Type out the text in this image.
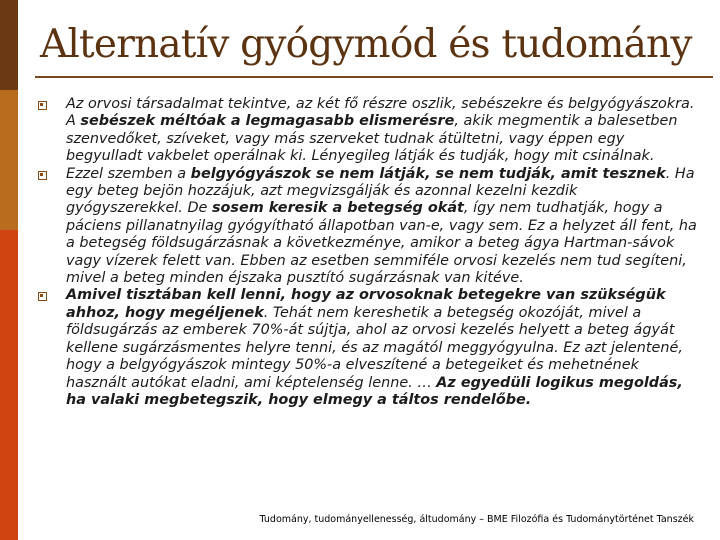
Alternatív gyógymód és tudomány
Az orvosi társadalmat tekintve, az két fő részre oszlik, sebészekre és belgyógyászokra. A sebészek méltóak a legmagasabb elismerésre, akik megmentik a balesetben szenvedőket, szíveket, vagy más szerveket tudnak átültetni, vagy éppen egy begyulladt vakbelet operálnak ki. Lényegileg látják és tudják, hogy mit csinálnak.
Ezzel szemben a belgyógyászok se nem látják, se nem tudják, amit tesznek. Ha egy beteg bejön hozzájuk, azt megvizsgálják és azonnal kezelni kezdik gyógyszerekkel. De sosem keresik a betegség okát, így nem tudhatják, hogy a páciens pillanatnyilag gyógyítható állapotban van-e, vagy sem. Ez a helyzet áll fent, ha a betegség földsugárzásnak a következménye, amikor a beteg ágya Hartman-sávok vagy vízerek felett van. Ebben az esetben semmiféle orvosi kezelés nem tud segíteni, mivel a beteg minden éjszaka pusztító sugárzásnak van kitéve.
Amivel tisztában kell lenni, hogy az orvosoknak betegekre van szükségük ahhoz, hogy megéljenek. Tehát nem kereshetik a betegség okozóját, mivel a földsugárzás az emberek 70%-át sújtja, ahol az orvosi kezelés helyett a beteg ágyát kellene sugárzásmentes helyre tenni, és az magától meggyógyulna. Ez azt jelentené, hogy a belgyógyászok mintegy 50%-a elveszítené a betegeiket és mehetnének használt autókat eladni, ami képtelenség lenne. … Az egyedüli logikus megoldás, ha valaki megbetegszik, hogy elmegy a táltos rendelőbe.
Tudomány, tudományellenesség, áltudomány – BME Filozófia és Tudománytörténet Tanszék
